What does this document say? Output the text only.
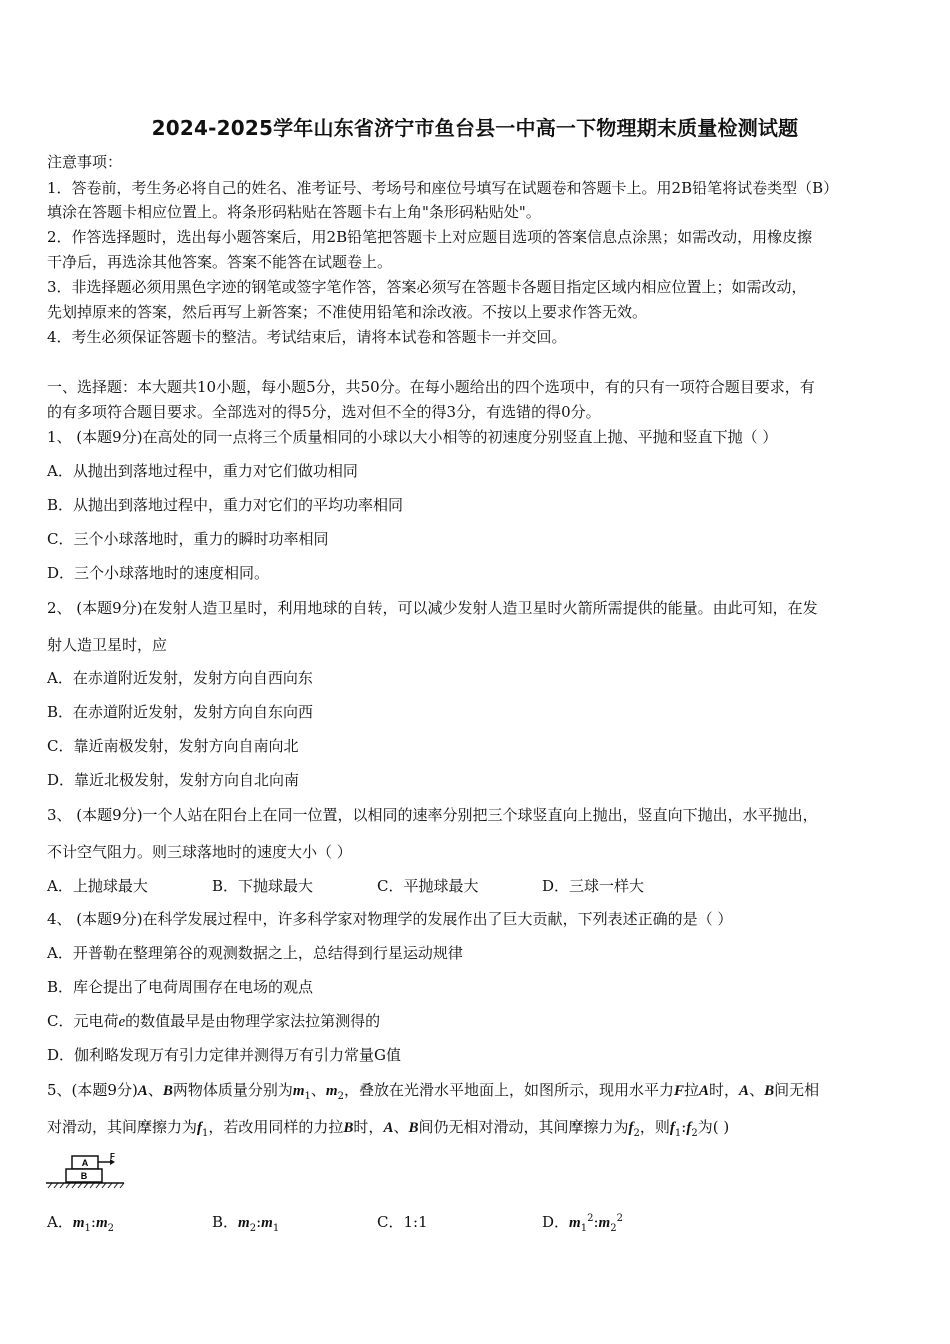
2024-2025学年山东省济宁市鱼台县一中高一下物理期末质量检测试题
注意事项：
1．答卷前，考生务必将自己的姓名、准考证号、考场号和座位号填写在试题卷和答题卡上。用2B铅笔将试卷类型（B）
填涂在答题卡相应位置上。将条形码粘贴在答题卡右上角"条形码粘贴处"。
2．作答选择题时，选出每小题答案后，用2B铅笔把答题卡上对应题目选项的答案信息点涂黑；如需改动，用橡皮擦
干净后，再选涂其他答案。答案不能答在试题卷上。
3．非选择题必须用黑色字迹的钢笔或签字笔作答，答案必须写在答题卡各题目指定区域内相应位置上；如需改动，
先划掉原来的答案，然后再写上新答案；不准使用铅笔和涂改液。不按以上要求作答无效。
4．考生必须保证答题卡的整洁。考试结束后，请将本试卷和答题卡一并交回。
一、选择题：本大题共10小题，每小题5分，共50分。在每小题给出的四个选项中，有的只有一项符合题目要求，有
的有多项符合题目要求。全部选对的得5分，选对但不全的得3分，有选错的得0分。
1、 (本题9分)在高处的同一点将三个质量相同的小球以大小相等的初速度分别竖直上抛、平抛和竖直下抛（ ）
A．从抛出到落地过程中，重力对它们做功相同
B．从抛出到落地过程中，重力对它们的平均功率相同
C．三个小球落地时，重力的瞬时功率相同
D．三个小球落地时的速度相同。
2、 (本题9分)在发射人造卫星时，利用地球的自转，可以减少发射人造卫星时火箭所需提供的能量。由此可知，在发
射人造卫星时，应
A．在赤道附近发射，发射方向自西向东
B．在赤道附近发射，发射方向自东向西
C．靠近南极发射，发射方向自南向北
D．靠近北极发射，发射方向自北向南
3、 (本题9分)一个人站在阳台上在同一位置，以相同的速率分别把三个球竖直向上抛出，竖直向下抛出，水平抛出，
不计空气阻力。则三球落地时的速度大小（ ）
A．上抛球最大	B．下抛球最大	C．平抛球最大	D．三球一样大
4、 (本题9分)在科学发展过程中，许多科学家对物理学的发展作出了巨大贡献，下列表述正确的是（ ）
A．开普勒在整理第谷的观测数据之上，总结得到行星运动规律
B．库仑提出了电荷周围存在电场的观点
C．元电荷e的数值最早是由物理学家法拉第测得的
D．伽利略发现万有引力定律并测得万有引力常量G值
5、(本题9分)A、B两物体质量分别为$m_1$、$m_2$，叠放在光滑水平地面上，如图所示，现用水平力F拉A时，A、B间无相
对滑动，其间摩擦力为$f_1$，若改用同样的力拉B时，A、B间仍无相对滑动，其间摩擦力为$f_2$，则$f_1:f_2$为( )
A
B
F
A．$m_1:m_2$	B．$m_2:m_1$	C．1:1	D．$m_1^2:m_2^2$
